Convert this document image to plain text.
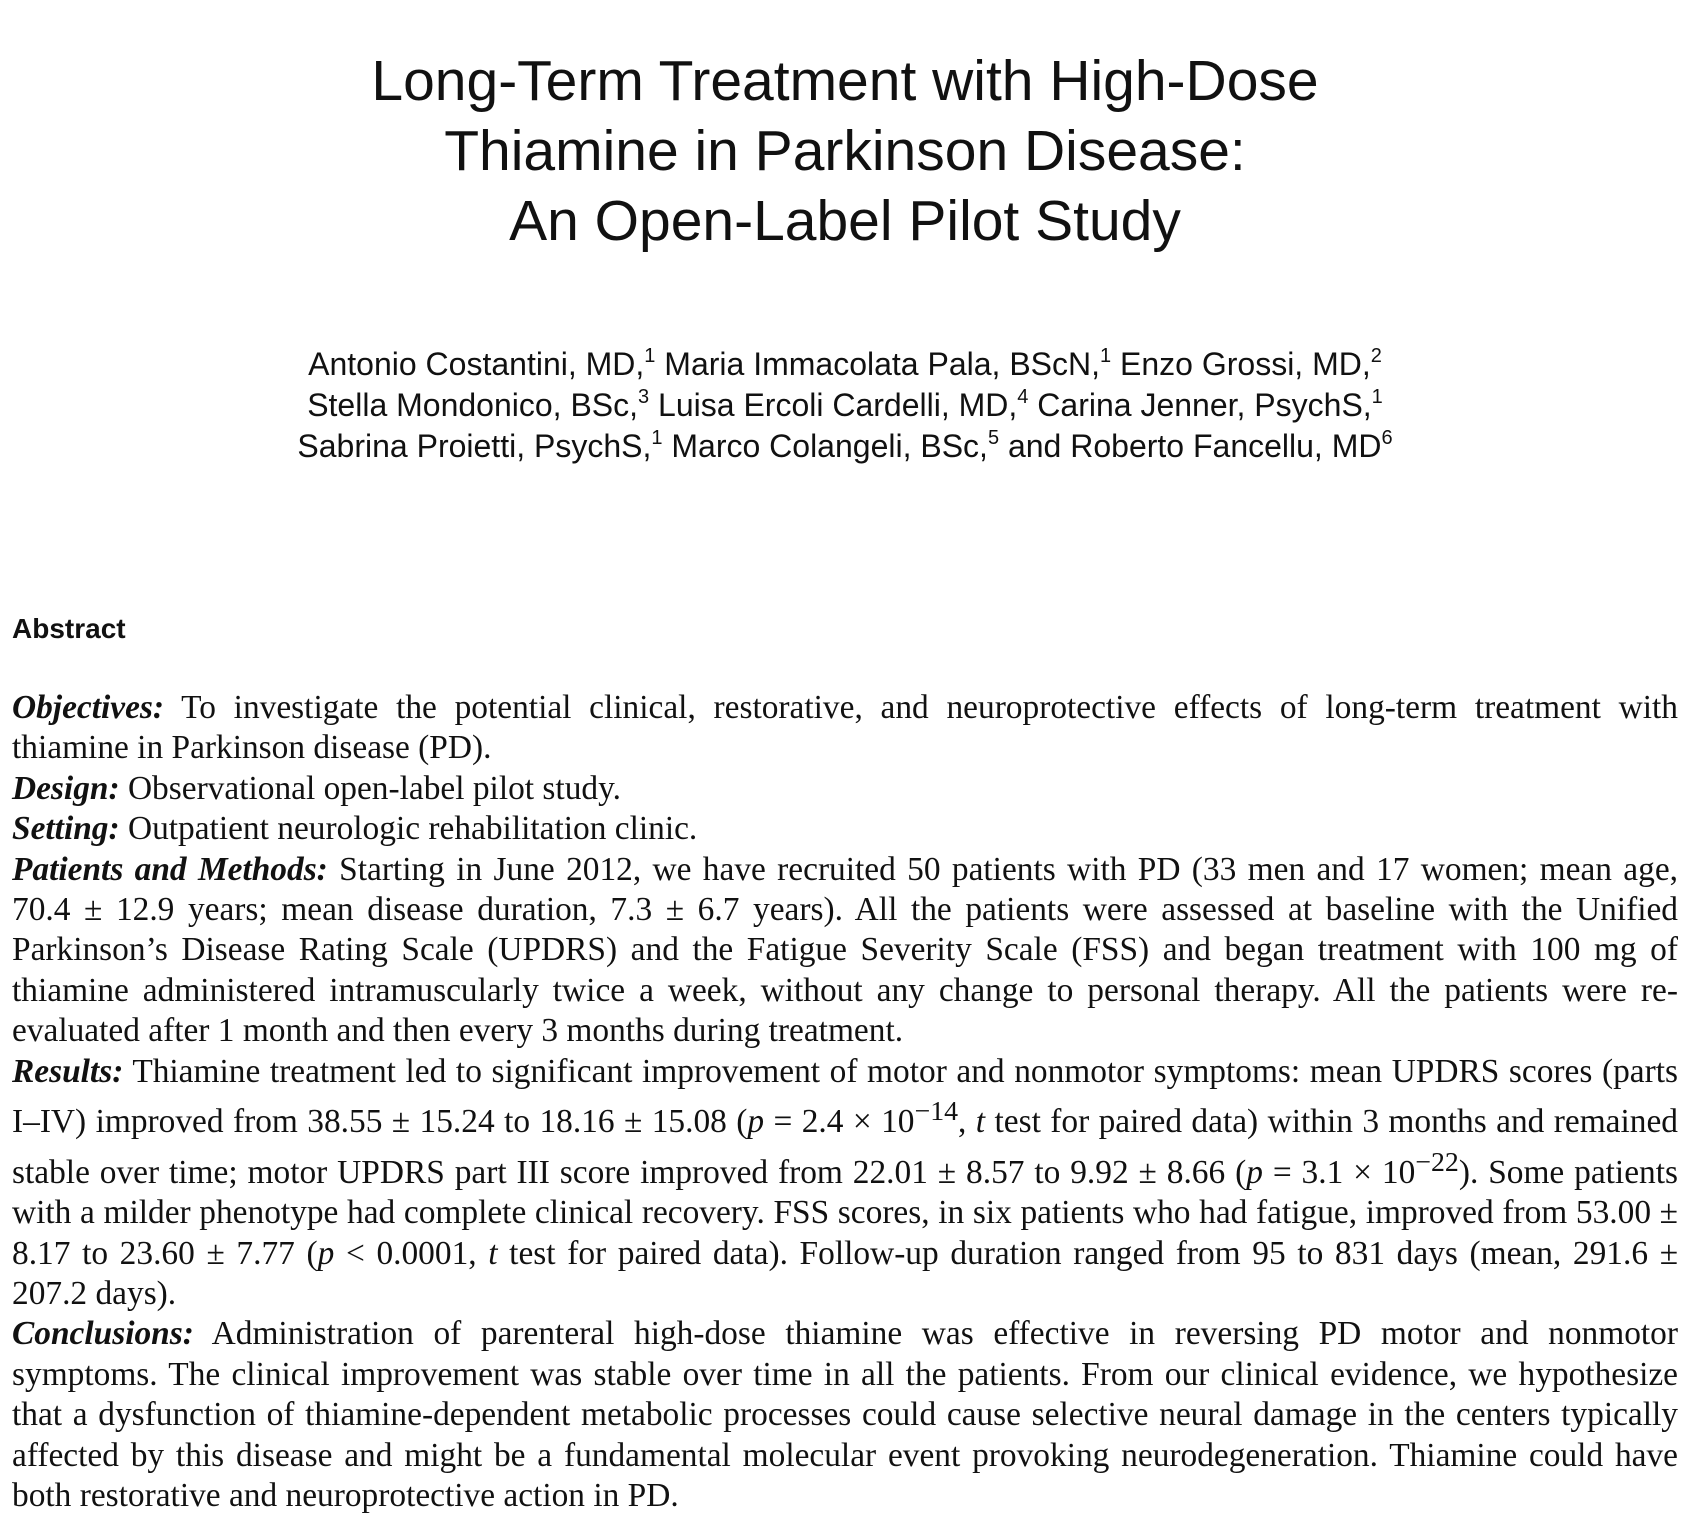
Long-Term Treatment with High-Dose
Thiamine in Parkinson Disease:
An Open-Label Pilot Study
Antonio Costantini, MD,$^1$ Maria Immacolata Pala, BScN,$^1$ Enzo Grossi, MD,$^2$
Stella Mondonico, BSc,$^3$ Luisa Ercoli Cardelli, MD,$^4$ Carina Jenner, PsychS,$^1$
Sabrina Proietti, PsychS,$^1$ Marco Colangeli, BSc,$^5$ and Roberto Fancellu, $MD^6$
Abstract

Objectives: To investigate the potential clinical, restorative, and neuroprotective effects of long-term treatment with thiamine in Parkinson disease (PD).

Design: Observational open-label pilot study.

Setting: Outpatient neurologic rehabilitation clinic.

Patients and Methods: Starting in June 2012, we have recruited 50 patients with PD (33 men and 17 women; mean age, 70.4 ± 12.9 years; mean disease duration, 7.3 ± 6.7 years). All the patients were assessed at baseline with the Unified Parkinson’s Disease Rating Scale (UPDRS) and the Fatigue Severity Scale (FSS) and began treatment with 100 mg of thiamine administered intramuscularly twice a week, without any change to personal therapy. All the patients were re-evaluated after 1 month and then every 3 months during treatment.

Results: Thiamine treatment led to significant improvement of motor and nonmotor symptoms: mean UPDRS scores (parts I–IV) improved from 38.55 ± 15.24 to 18.16 ± 15.08 ($p = 2.4 \times 10^{-14}$, t test for paired data) within 3 months and remained stable over time; motor UPDRS part III score improved from 22.01 ± 8.57 to 9.92 ± 8.66 $(p = 3.1 \times 10^{-22})$. Some patients with a milder phenotype had complete clinical recovery. FSS scores, in six patients who had fatigue, improved from 53.00 ± 8.17 to 23.60 ± 7.77 (p < 0.0001, t test for paired data). Follow-up duration ranged from 95 to 831 days (mean, 291.6 ± 207.2 days).

Conclusions: Administration of parenteral high-dose thiamine was effective in reversing PD motor and nonmotor symptoms. The clinical improvement was stable over time in all the patients. From our clinical evidence, we hypothesize that a dysfunction of thiamine-dependent metabolic processes could cause selective neural damage in the centers typically affected by this disease and might be a fundamental molecular event provoking neurodegeneration. Thiamine could have both restorative and neuroprotective action in PD.
